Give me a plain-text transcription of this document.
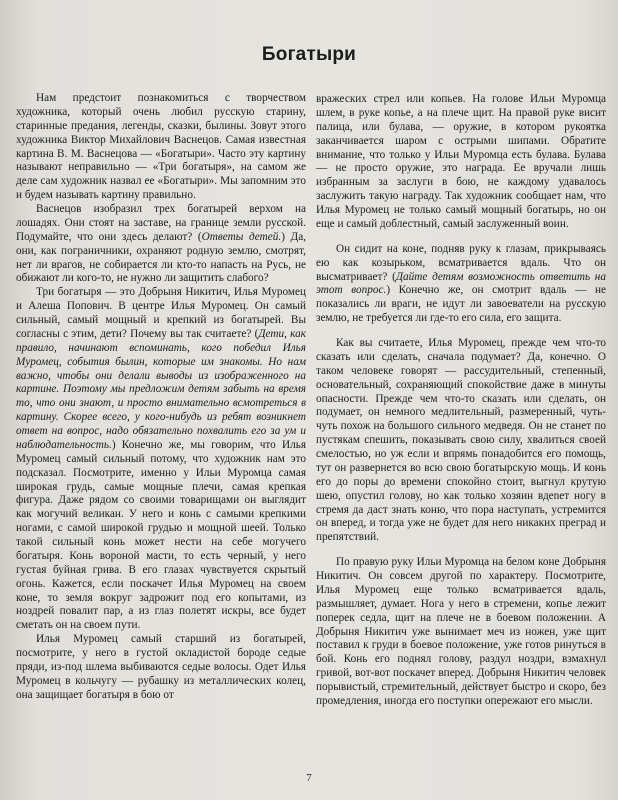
Богатыри

Нам предстоит познакомиться с творчеством художника, который очень любил русскую старину, старинные предания, легенды, сказки, былины. Зовут этого художника Виктор Михайлович Васнецов. Самая известная картина В. М. Васнецова — «Богатыри». Часто эту картину называют неправильно — «Три богатыря», на самом же деле сам художник назвал ее «Богатыри». Мы запомним это и будем называть картину правильно.

Васнецов изобразил трех богатырей верхом на лошадях. Они стоят на заставе, на границе земли русской. Подумайте, что они здесь делают? (Ответы детей.) Да, они, как пограничники, охраняют родную землю, смотрят, нет ли врагов, не собирается ли кто-то напасть на Русь, не обижают ли кого-то, не нужно ли защитить слабого?

Три богатыря — это Добрыня Никитич, Илья Муромец и Алеша Попович. В центре Илья Муромец. Он самый сильный, самый мощный и крепкий из богатырей. Вы согласны с этим, дети? Почему вы так считаете? (Дети, как правило, начинают вспоминать, кого победил Илья Муромец, события былин, которые им знакомы. Но нам важно, чтобы они делали выводы из изображенного на картине. Поэтому мы предложим детям забыть на время то, что они знают, и просто внимательно всмотреться в картину. Скорее всего, у кого-нибудь из ребят возникнет ответ на вопрос, надо обязательно похвалить его за ум и наблюдательность.) Конечно же, мы говорим, что Илья Муромец самый сильный потому, что художник нам это подсказал. Посмотрите, именно у Ильи Муромца самая широкая грудь, самые мощные плечи, самая крепкая фигура. Даже рядом со своими товарищами он выглядит как могучий великан. У него и конь с самыми крепкими ногами, с самой широкой грудью и мощной шеей. Только такой сильный конь может нести на себе могучего богатыря. Конь вороной масти, то есть черный, у него густая буйная грива. В его глазах чувствуется скрытый огонь. Кажется, если поскачет Илья Муромец на своем коне, то земля вокруг задрожит под его копытами, из ноздрей повалит пар, а из глаз полетят искры, все будет сметать он на своем пути.

Илья Муромец самый старший из богатырей, посмотрите, у него в густой окладистой бороде седые пряди, из-под шлема выбиваются седые волосы. Одет Илья Муромец в кольчугу — рубашку из металлических колец, она защищает богатыря в бою от

вражеских стрел или копьев. На голове Ильи Муромца шлем, в руке копье, а на плече щит. На правой руке висит палица, или булава, — оружие, в котором рукоятка заканчивается шаром с острыми шипами. Обратите внимание, что только у Ильи Муромца есть булава. Булава — не просто оружие, это награда. Ее вручали лишь избранным за заслуги в бою, не каждому удавалось заслужить такую награду. Так художник сообщает нам, что Илья Муромец не только самый мощный богатырь, но он еще и самый доблестный, самый заслуженный воин.

Он сидит на коне, подняв руку к глазам, прикрываясь ею как козырьком, всматривается вдаль. Что он высматривает? (Дайте детям возможность ответить на этот вопрос.) Конечно же, он смотрит вдаль — не показались ли враги, не идут ли завоеватели на русскую землю, не требуется ли где-то его сила, его защита.

Как вы считаете, Илья Муромец, прежде чем что-то сказать или сделать, сначала подумает? Да, конечно. О таком человеке говорят — рассудительный, степенный, основательный, сохраняющий спокойствие даже в минуты опасности. Прежде чем что-то сказать или сделать, он подумает, он немного медлительный, размеренный, чуть-чуть похож на большого сильного медведя. Он не станет по пустякам спешить, показывать свою силу, хвалиться своей смелостью, но уж если и впрямь понадобится его помощь, тут он развернется во всю свою богатырскую мощь. И конь его до поры до времени спокойно стоит, выгнул крутую шею, опустил голову, но как только хозяин вдenет ногу в стремя да даст знать коню, что пора наступать, устремится он вперед, и тогда уже не будет для него никаких преград и препятствий.

По правую руку Ильи Муромца на белом коне Добрыня Никитич. Он совсем другой по характеру. Посмотрите, Илья Муромец еще только всматривается вдаль, размышляет, думает. Нога у него в стремени, копье лежит поперек седла, щит на плече не в боевом положении. А Добрыня Никитич уже вынимает меч из ножен, уже щит поставил к груди в боевое положение, уже готов ринуться в бой. Конь его поднял голову, раздул ноздри, взмахнул гривой, вот-вот поскачет вперед. Добрыня Никитич человек порывистый, стремительный, действует быстро и скоро, без промедления, иногда его поступки опережают его мысли.

7
